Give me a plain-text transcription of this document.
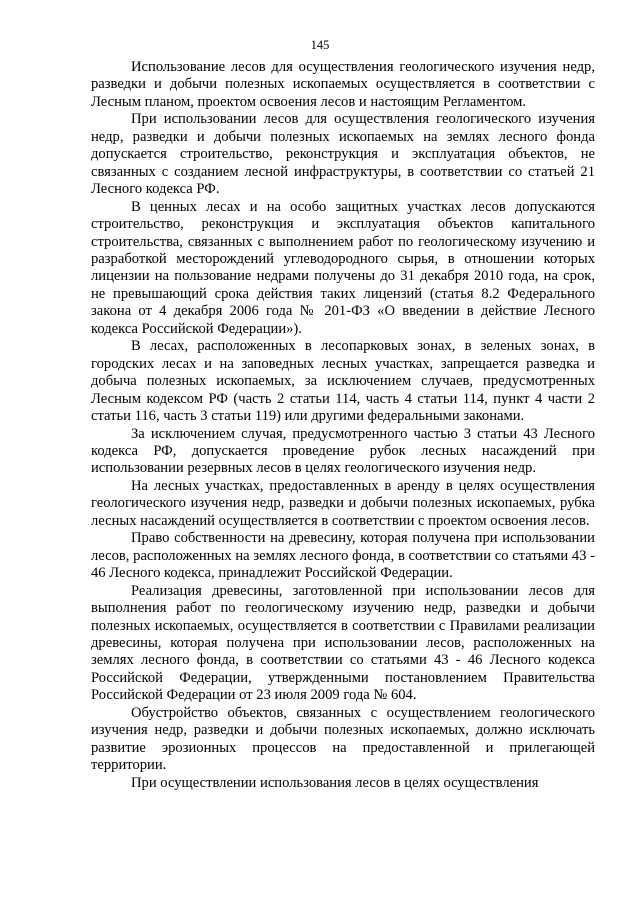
145

Использование лесов для осуществления геологического изучения недр, разведки и добычи полезных ископаемых осуществляется в соответствии с Лесным планом, проектом освоения лесов и настоящим Регламентом.

При использовании лесов для осуществления геологического изучения недр, разведки и добычи полезных ископаемых на землях лесного фонда допускается строительство, реконструкция и эксплуатация объектов, не связанных с созданием лесной инфраструктуры, в соответствии со статьей 21 Лесного кодекса РФ.

В ценных лесах и на особо защитных участках лесов допускаются строительство, реконструкция и эксплуатация объектов капитального строительства, связанных с выполнением работ по геологическому изучению и разработкой месторождений углеводородного сырья, в отношении которых лицензии на пользование недрами получены до 31 декабря 2010 года, на срок, не превышающий срока действия таких лицензий (статья 8.2 Федерального закона от 4 декабря 2006 года № 201-ФЗ «О введении в действие Лесного кодекса Российской Федерации»).

В лесах, расположенных в лесопарковых зонах, в зеленых зонах, в городских лесах и на заповедных лесных участках, запрещается разведка и добыча полезных ископаемых, за исключением случаев, предусмотренных Лесным кодексом РФ (часть 2 статьи 114, часть 4 статьи 114, пункт 4 части 2 статьи 116, часть 3 статьи 119) или другими федеральными законами.

За исключением случая, предусмотренного частью 3 статьи 43 Лесного кодекса РФ, допускается проведение рубок лесных насаждений при использовании резервных лесов в целях геологического изучения недр.

На лесных участках, предоставленных в аренду в целях осуществления геологического изучения недр, разведки и добычи полезных ископаемых, рубка лесных насаждений осуществляется в соответствии с проектом освоения лесов.

Право собственности на древесину, которая получена при использовании лесов, расположенных на землях лесного фонда, в соответствии со статьями 43 - 46 Лесного кодекса, принадлежит Российской Федерации.

Реализация древесины, заготовленной при использовании лесов для выполнения работ по геологическому изучению недр, разведки и добычи полезных ископаемых, осуществляется в соответствии с Правилами реализации древесины, которая получена при использовании лесов, расположенных на землях лесного фонда, в соответствии со статьями 43 - 46 Лесного кодекса Российской Федерации, утвержденными постановлением Правительства Российской Федерации от 23 июля 2009 года № 604.

Обустройство объектов, связанных с осуществлением геологического изучения недр, разведки и добычи полезных ископаемых, должно исключать развитие эрозионных процессов на предоставленной и прилегающей территории.

При осуществлении использования лесов в целях осуществления
